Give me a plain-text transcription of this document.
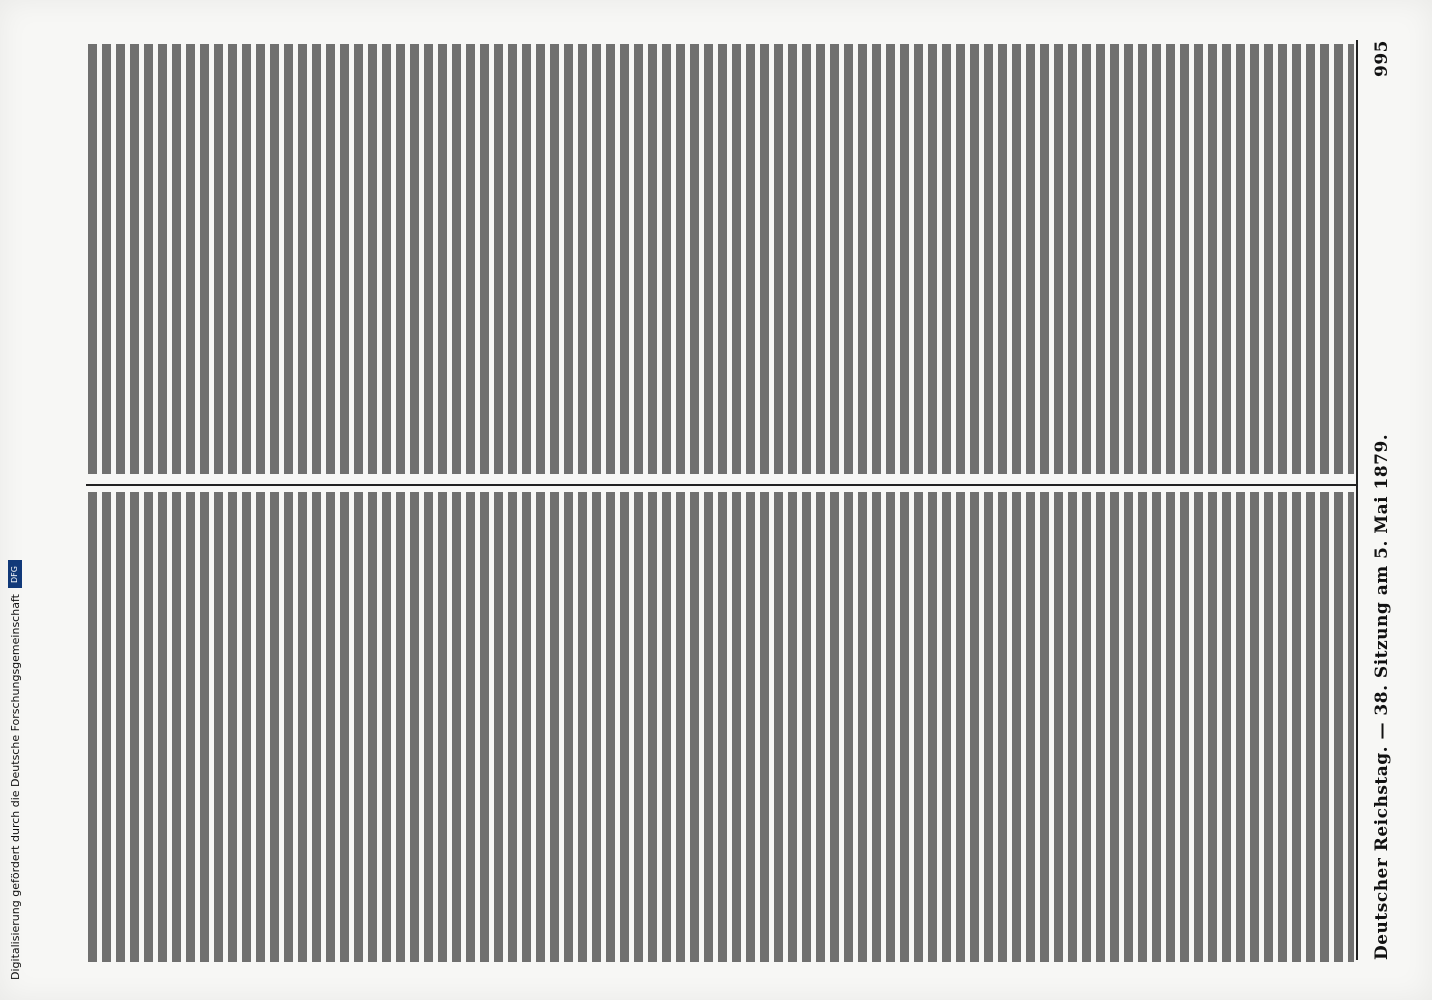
Deutscher Reichstag. — 38. Sitzung am 5. Mai 1879.
995
Digitalisierung gefördert durch die Deutsche Forschungsgemeinschaft
DFG
